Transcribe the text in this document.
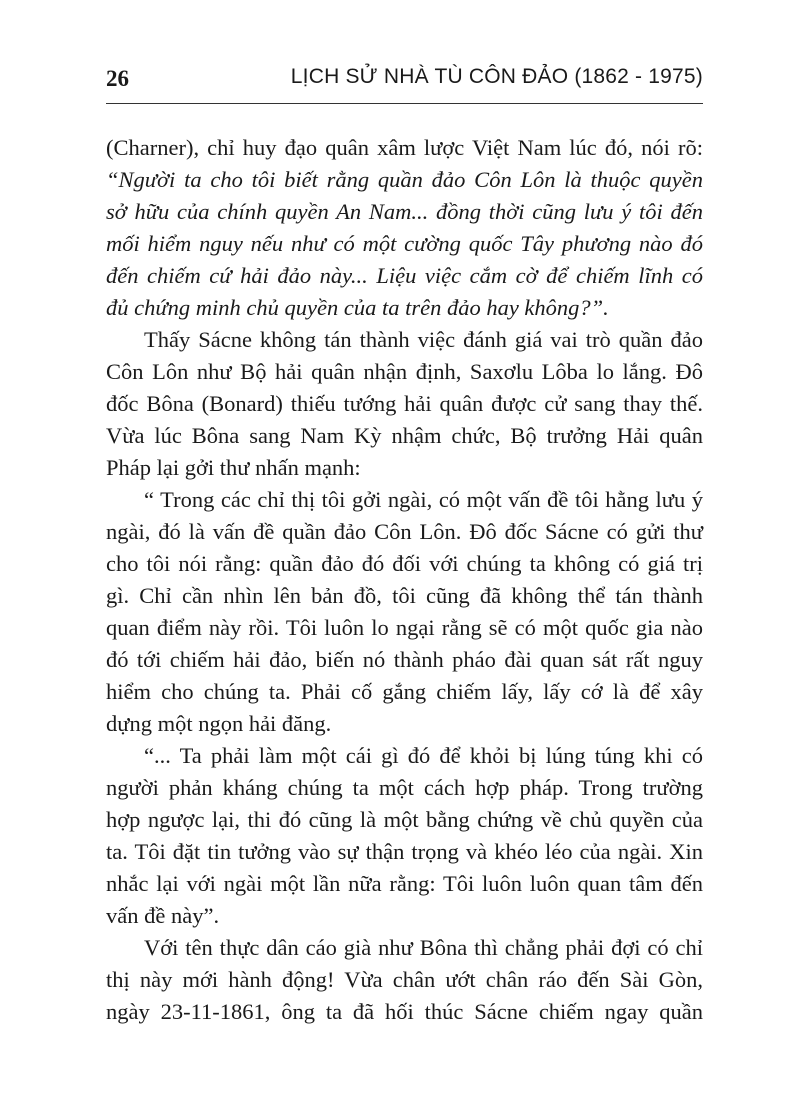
26	LỊCH SỬ NHÀ TÙ CÔN ĐẢO (1862 - 1975)
(Charner), chỉ huy đạo quân xâm lược Việt Nam lúc đó, nói rõ:
“Người ta cho tôi biết rằng quần đảo Côn Lôn là thuộc quyền
sở hữu của chính quyền An Nam... đồng thời cũng lưu ý tôi đến
mối hiểm nguy nếu như có một cường quốc Tây phương nào đó
đến chiếm cứ hải đảo này... Liệu việc cắm cờ để chiếm lĩnh có
đủ chứng minh chủ quyền của ta trên đảo hay không?”.
Thấy Sácne không tán thành việc đánh giá vai trò quần đảo
Côn Lôn như Bộ hải quân nhận định, Saxơlu Lôba lo lắng. Đô
đốc Bôna (Bonard) thiếu tướng hải quân được cử sang thay thế.
Vừa lúc Bôna sang Nam Kỳ nhậm chức, Bộ trưởng Hải quân
Pháp lại gởi thư nhấn mạnh:
“ Trong các chỉ thị tôi gởi ngài, có một vấn đề tôi hằng lưu ý
ngài, đó là vấn đề quần đảo Côn Lôn. Đô đốc Sácne có gửi thư
cho tôi nói rằng: quần đảo đó đối với chúng ta không có giá trị
gì. Chỉ cần nhìn lên bản đồ, tôi cũng đã không thể tán thành
quan điểm này rồi. Tôi luôn lo ngại rằng sẽ có một quốc gia nào
đó tới chiếm hải đảo, biến nó thành pháo đài quan sát rất nguy
hiểm cho chúng ta. Phải cố gắng chiếm lấy, lấy cớ là để xây
dựng một ngọn hải đăng.
“... Ta phải làm một cái gì đó để khỏi bị lúng túng khi có
người phản kháng chúng ta một cách hợp pháp. Trong trường
hợp ngược lại, thi đó cũng là một bằng chứng về chủ quyền của
ta. Tôi đặt tin tưởng vào sự thận trọng và khéo léo của ngài. Xin
nhắc lại với ngài một lần nữa rằng: Tôi luôn luôn quan tâm đến
vấn đề này”.
Với tên thực dân cáo già như Bôna thì chẳng phải đợi có chỉ
thị này mới hành động! Vừa chân ướt chân ráo đến Sài Gòn,
ngày 23-11-1861, ông ta đã hối thúc Sácne chiếm ngay quần
